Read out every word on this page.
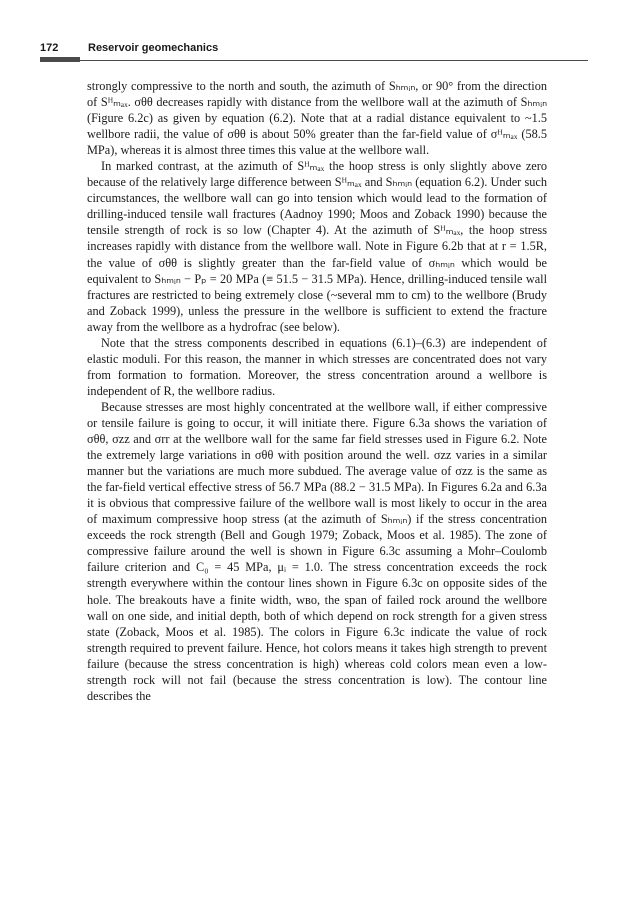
172	Reservoir geomechanics

strongly compressive to the north and south, the azimuth of Sₕₘᵢₙ, or 90° from the direction of Sᴴₘₐₓ. σθθ decreases rapidly with distance from the wellbore wall at the azimuth of Sₕₘᵢₙ (Figure 6.2c) as given by equation (6.2). Note that at a radial distance equivalent to ~1.5 wellbore radii, the value of σθθ is about 50% greater than the far-field value of σᴴₘₐₓ (58.5 MPa), whereas it is almost three times this value at the wellbore wall.

In marked contrast, at the azimuth of Sᴴₘₐₓ the hoop stress is only slightly above zero because of the relatively large difference between Sᴴₘₐₓ and Sₕₘᵢₙ (equation 6.2). Under such circumstances, the wellbore wall can go into tension which would lead to the formation of drilling-induced tensile wall fractures (Aadnoy 1990; Moos and Zoback 1990) because the tensile strength of rock is so low (Chapter 4). At the azimuth of Sᴴₘₐₓ, the hoop stress increases rapidly with distance from the wellbore wall. Note in Figure 6.2b that at r = 1.5R, the value of σθθ is slightly greater than the far-field value of σₕₘᵢₙ which would be equivalent to Sₕₘᵢₙ − Pₚ = 20 MPa (≡ 51.5 − 31.5 MPa). Hence, drilling-induced tensile wall fractures are restricted to being extremely close (~several mm to cm) to the wellbore (Brudy and Zoback 1999), unless the pressure in the wellbore is sufficient to extend the fracture away from the wellbore as a hydrofrac (see below).

Note that the stress components described in equations (6.1)–(6.3) are independent of elastic moduli. For this reason, the manner in which stresses are concentrated does not vary from formation to formation. Moreover, the stress concentration around a wellbore is independent of R, the wellbore radius.

Because stresses are most highly concentrated at the wellbore wall, if either compressive or tensile failure is going to occur, it will initiate there. Figure 6.3a shows the variation of σθθ, σzz and σrr at the wellbore wall for the same far field stresses used in Figure 6.2. Note the extremely large variations in σθθ with position around the well. σzz varies in a similar manner but the variations are much more subdued. The average value of σzz is the same as the far-field vertical effective stress of 56.7 MPa (88.2 − 31.5 MPa). In Figures 6.2a and 6.3a it is obvious that compressive failure of the wellbore wall is most likely to occur in the area of maximum compressive hoop stress (at the azimuth of Sₕₘᵢₙ) if the stress concentration exceeds the rock strength (Bell and Gough 1979; Zoback, Moos et al. 1985). The zone of compressive failure around the well is shown in Figure 6.3c assuming a Mohr–Coulomb failure criterion and C₀ = 45 MPa, μᵢ = 1.0. The stress concentration exceeds the rock strength everywhere within the contour lines shown in Figure 6.3c on opposite sides of the hole. The breakouts have a finite width, wʙᴏ, the span of failed rock around the wellbore wall on one side, and initial depth, both of which depend on rock strength for a given stress state (Zoback, Moos et al. 1985). The colors in Figure 6.3c indicate the value of rock strength required to prevent failure. Hence, hot colors means it takes high strength to prevent failure (because the stress concentration is high) whereas cold colors mean even a low-strength rock will not fail (because the stress concentration is low). The contour line describes the
